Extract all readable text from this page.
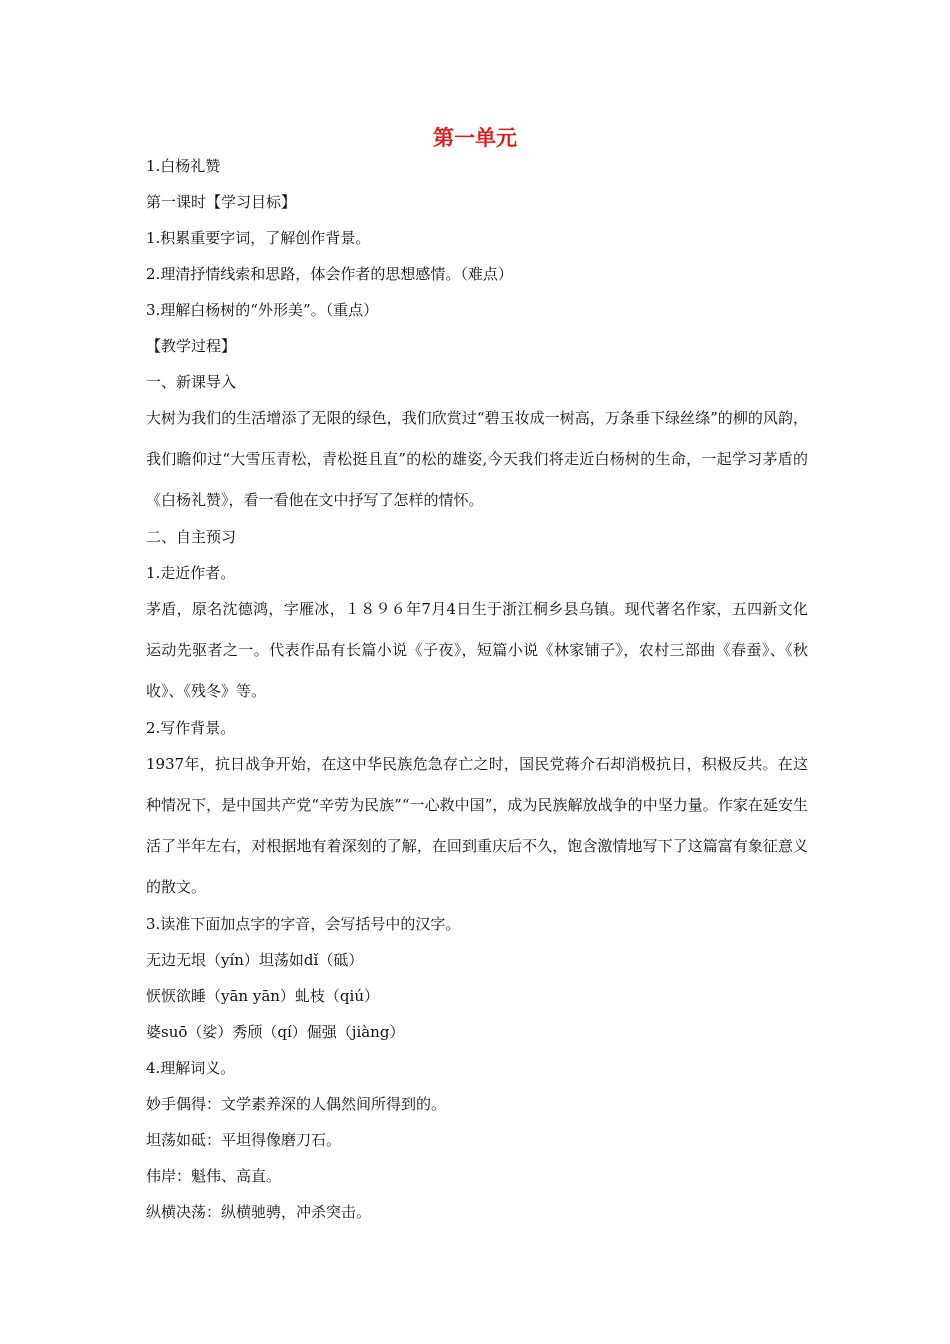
第一单元
1.白杨礼赞
第一课时【学习目标】
1.积累重要字词，了解创作背景。
2.理清抒情线索和思路，体会作者的思想感情。（难点）
3.理解白杨树的“外形美”。（重点）
【教学过程】
一、新课导入
大树为我们的生活增添了无限的绿色，我们欣赏过“碧玉妆成一树高，万条垂下绿丝绦”的柳的风韵，我们瞻仰过“大雪压青松，青松挺且直”的松的雄姿,今天我们将走近白杨树的生命，一起学习茅盾的《白杨礼赞》，看一看他在文中抒写了怎样的情怀。
二、自主预习
1.走近作者。
茅盾，原名沈德鸿，字雁冰，１８９６年7月4日生于浙江桐乡县乌镇。现代著名作家，五四新文化运动先驱者之一。代表作品有长篇小说《子夜》，短篇小说《林家铺子》，农村三部曲《春蚕》、《秋收》、《残冬》等。
2.写作背景。
1937年，抗日战争开始，在这中华民族危急存亡之时，国民党蒋介石却消极抗日，积极反共。在这种情况下，是中国共产党“辛劳为民族”“一心救中国”，成为民族解放战争的中坚力量。作家在延安生活了半年左右，对根据地有着深刻的了解，在回到重庆后不久，饱含激情地写下了这篇富有象征意义的散文。
3.读准下面加点字的字音，会写括号中的汉字。
无边无垠（yín）坦荡如dǐ（砥）
恹恹欲睡（yān yān）虬枝（qiú）
婆suō（娑）秀颀（qí）倔强（jiàng）
4.理解词义。
妙手偶得：文学素养深的人偶然间所得到的。
坦荡如砥：平坦得像磨刀石。
伟岸：魁伟、高直。
纵横决荡：纵横驰骋，冲杀突击。
